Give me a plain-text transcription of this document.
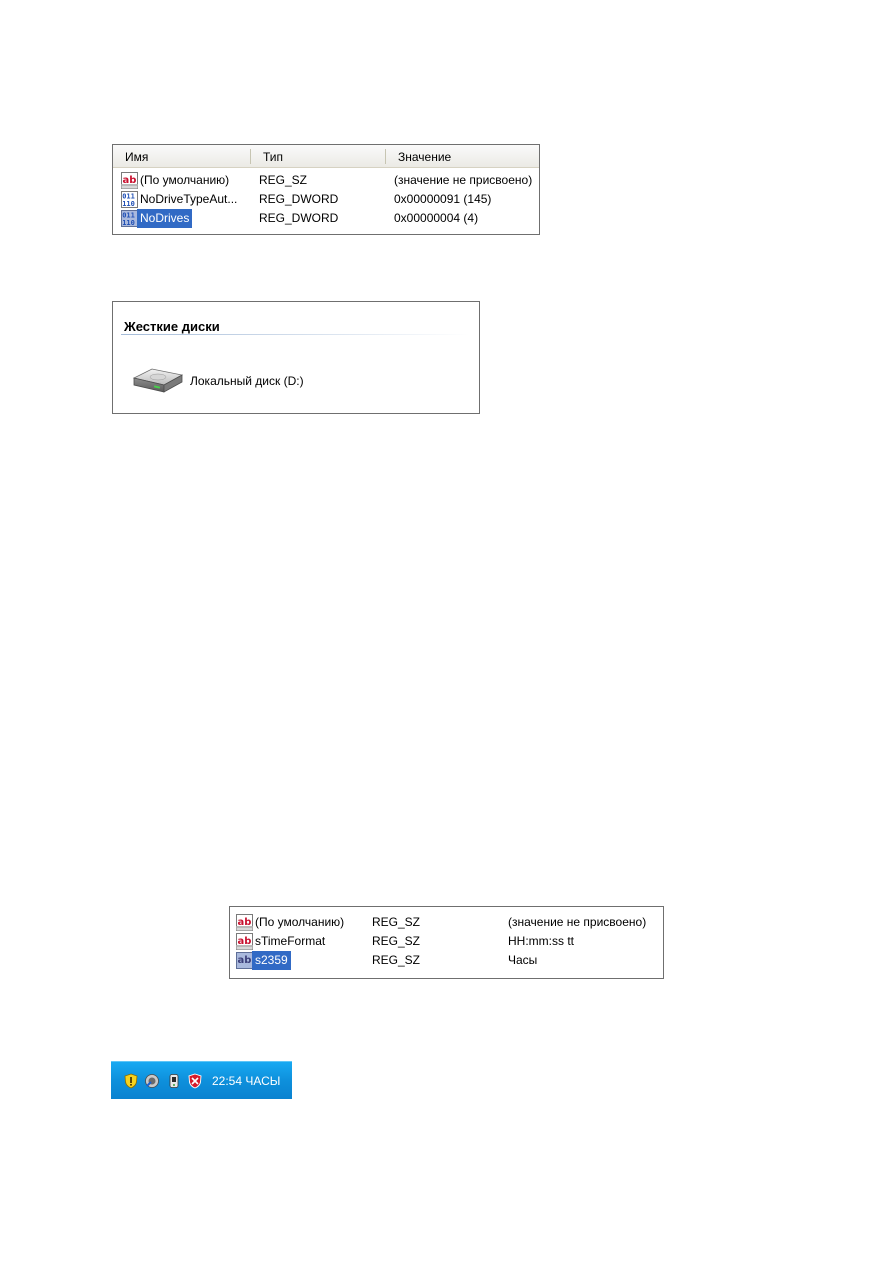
Имя	Тип	Значение
(По умолчанию) REG_SZ	(значение не присвоено)
NoDriveTypeAut... REG_DWORD	0x00000091 (145)
NoDrives	REG_DWORD	0x00000004 (4)
Жесткие диски
Локальный диск (D:)
(По умолчанию) REG_SZ	(значение не присвоено)
sTimeFormat	REG_SZ	HH:mm:ss tt
s2359	REG_SZ	Часы
22:54 ЧАСЫ
